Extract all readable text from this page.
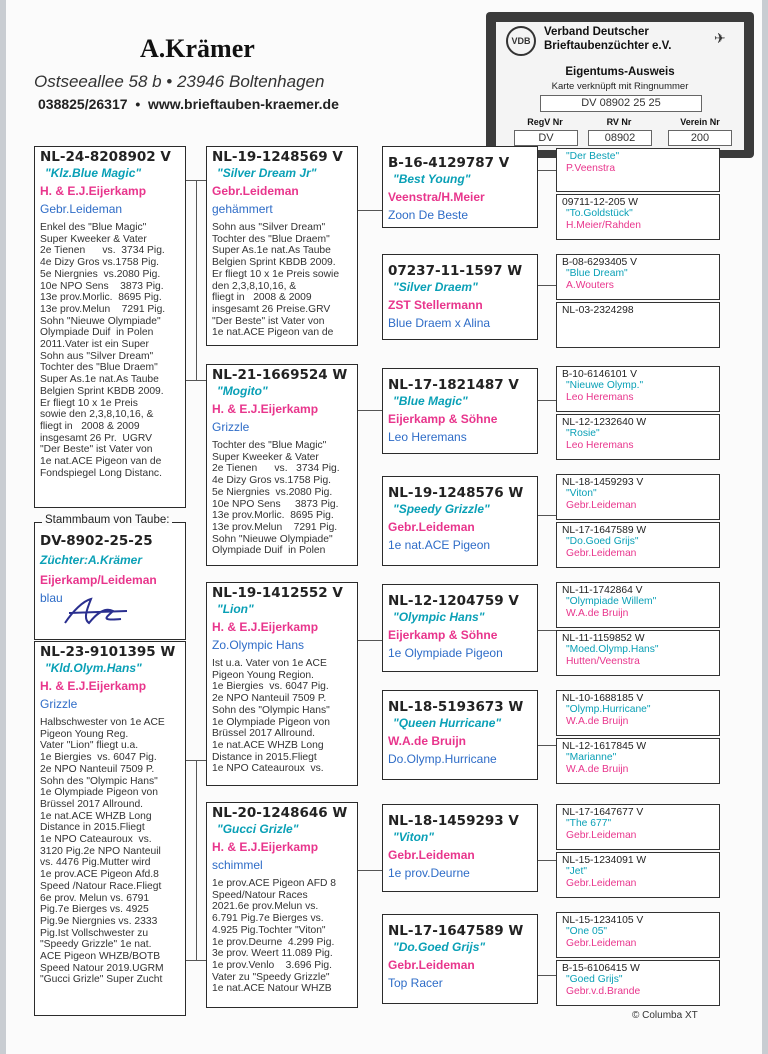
A.Krämer
Ostseeallee 58 b • 23946 Boltenhagen
038825/26317  •  www.brieftauben-kraemer.de
VDB	✈
Verband Deutscher
Brieftaubenzüchter e.V.
Eigentums-Ausweis
Karte verknüpft mit Ringnummer
DV 08902 25 25
RegV Nr	RV Nr	Verein Nr
DV	08902	200
NL-24-8208902 V
"Klz.Blue Magic"
H. & E.J.Eijerkamp
Gebr.Leideman
Enkel des "Blue Magic"
Super Kweeker & Vater
2e Tienen      vs.  3734 Pig.
4e Dizy Gros vs.1758 Pig.
5e Niergnies  vs.2080 Pig.
10e NPO Sens    3873 Pig.
13e prov.Morlic.  8695 Pig.
13e prov.Melun    7291 Pig.
Sohn "Nieuwe Olympiade"
Olympiade Duif  in Polen
2011.Vater ist ein Super
Sohn aus "Silver Dream"
Tochter des "Blue Draem"
Super As.1e nat.As Taube
Belgien Sprint KBDB 2009.
Er fliegt 10 x 1e Preis
sowie den 2,3,8,10,16, &
fliegt in   2008 & 2009
insgesamt 26 Pr.  UGRV
"Der Beste" ist Vater von
1e nat.ACE Pigeon van de
Fondspiegel Long Distanc.
DV-8902-25-25
Züchter:A.Krämer
Eijerkamp/Leideman
blau
Stammbaum von Taube:
NL-23-9101395 W
"Kld.Olym.Hans"
H. & E.J.Eijerkamp
Grizzle
Halbschwester von 1e ACE
Pigeon Young Reg.
Vater "Lion" fliegt u.a.
1e Biergies  vs. 6047 Pig.
2e NPO Nanteuil 7509 P.
Sohn des "Olympic Hans"
1e Olympiade Pigeon von
Brüssel 2017 Allround.
1e nat.ACE WHZB Long
Distance in 2015.Fliegt
1e NPO Cateauroux  vs.
3120 Pig.2e NPO Nanteuil
vs. 4476 Pig.Mutter wird
1e prov.ACE Pigeon Afd.8
Speed /Natour Race.Fliegt
6e prov. Melun vs. 6791
Pig.7e Bierges vs. 4925
Pig.9e Niergnies vs. 2333
Pig.Ist Vollschwester zu
"Speedy Grizzle" 1e nat.
ACE Pigeon WHZB/BOTB
Speed Natour 2019.UGRM
"Gucci Grizle" Super Zucht
NL-19-1248569 V
"Silver Dream Jr"
Gebr.Leideman
gehämmert
Sohn aus "Silver Dream"
Tochter des "Blue Draem"
Super As.1e nat.As Taube
Belgien Sprint KBDB 2009.
Er fliegt 10 x 1e Preis sowie
den 2,3,8,10,16, &
fliegt in   2008 & 2009
insgesamt 26 Preise.GRV
"Der Beste" ist Vater von
1e nat.ACE Pigeon van de
NL-21-1669524 W
"Mogito"
H. & E.J.Eijerkamp
Grizzle
Tochter des "Blue Magic"
Super Kweeker & Vater
2e Tienen      vs.   3734 Pig.
4e Dizy Gros vs.1758 Pig.
5e Niergnies  vs.2080 Pig.
10e NPO Sens     3873 Pig.
13e prov.Morlic.  8695 Pig.
13e prov.Melun    7291 Pig.
Sohn "Nieuwe Olympiade"
Olympiade Duif  in Polen
NL-19-1412552 V
"Lion"
H. & E.J.Eijerkamp
Zo.Olympic Hans
Ist u.a. Vater von 1e ACE
Pigeon Young Region.
1e Biergies  vs. 6047 Pig.
2e NPO Nanteuil 7509 P.
Sohn des "Olympic Hans"
1e Olympiade Pigeon von
Brüssel 2017 Allround.
1e nat.ACE WHZB Long
Distance in 2015.Fliegt
1e NPO Cateauroux  vs.
NL-20-1248646 W
"Gucci Grizle"
H. & E.J.Eijerkamp
schimmel
1e prov.ACE Pigeon AFD 8
Speed/Natour Races
2021.6e prov.Melun vs.
6.791 Pig.7e Bierges vs.
4.925 Pig.Tochter "Viton"
1e prov.Deurne  4.299 Pig.
3e prov. Weert 11.089 Pig.
1e prov.Venlo    3.696 Pig.
Vater zu "Speedy Grizzle"
1e nat.ACE Natour WHZB
B-16-4129787 V
"Best Young"
Veenstra/H.Meier
Zoon De Beste
07237-11-1597 W
"Silver Draem"
ZST Stellermann
Blue Draem x Alina
NL-17-1821487 V
"Blue Magic"
Eijerkamp & Söhne
Leo Heremans
NL-19-1248576 W
"Speedy Grizzle"
Gebr.Leideman
1e nat.ACE Pigeon
NL-12-1204759 V
"Olympic Hans"
Eijerkamp & Söhne
1e Olympiade Pigeon
NL-18-5193673 W
"Queen Hurricane"
W.A.de Bruijn
Do.Olymp.Hurricane
NL-18-1459293 V
"Viton"
Gebr.Leideman
1e prov.Deurne
NL-17-1647589 W
"Do.Goed Grijs"
Gebr.Leideman
Top Racer
"Der Beste"
P.Veenstra
09711-12-205 W
"To.Goldstück"
H.Meier/Rahden
B-08-6293405 V
"Blue Dream"
A.Wouters
NL-03-2324298
B-10-6146101 V
"Nieuwe Olymp."
Leo Heremans
NL-12-1232640 W
"Rosie"
Leo Heremans
NL-18-1459293 V
"Viton"
Gebr.Leideman
NL-17-1647589 W
"Do.Goed Grijs"
Gebr.Leideman
NL-11-1742864 V
"Olympiade Willem"
W.A.de Bruijn
NL-11-1159852 W
"Moed.Olymp.Hans"
Hutten/Veenstra
NL-10-1688185 V
"Olymp.Hurricane"
W.A.de Bruijn
NL-12-1617845 W
"Marianne"
W.A.de Bruijn
NL-17-1647677 V
"The 677"
Gebr.Leideman
NL-15-1234091 W
"Jet"
Gebr.Leideman
NL-15-1234105 V
"One 05"
Gebr.Leideman
B-15-6106415 W
"Goed Grijs"
Gebr.v.d.Brande
© Columba XT
